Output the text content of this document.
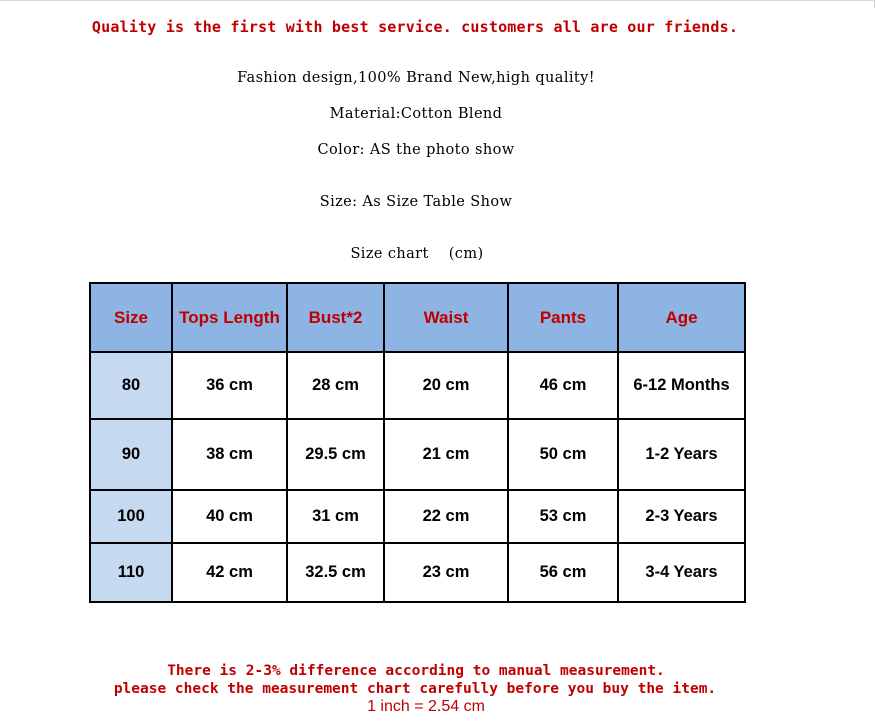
Quality is the first with best service. customers all are our friends.
Fashion design,100% Brand New,high quality!
Material:Cotton Blend
Color: AS the photo show
Size: As Size Table Show
Size chart    (cm)
Size	Tops Length	Bust*2	Waist	Pants	Age
80	36 cm	28 cm	20 cm	46 cm	6-12 Months
90	38 cm	29.5 cm	21 cm	50 cm	1-2 Years
100	40 cm	31 cm	22 cm	53 cm	2-3 Years
110	42 cm	32.5 cm	23 cm	56 cm	3-4 Years
There is 2-3% difference according to manual measurement.
please check the measurement chart carefully before you buy the item.
1 inch = 2.54 cm
